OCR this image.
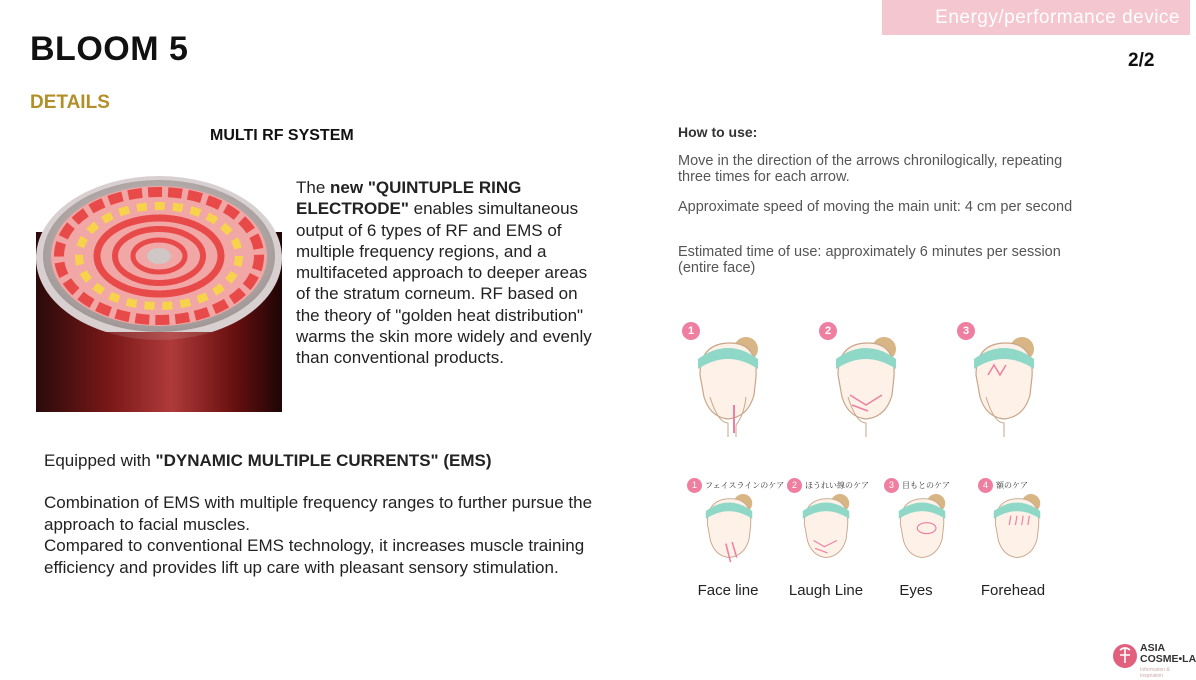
Energy/performance device
BLOOM 5	2/2
DETAILS
MULTI RF SYSTEM
The new "QUINTUPLE RING ELECTRODE" enables simultaneous output of 6 types of RF and EMS of multiple frequency regions, and a multifaceted approach to deeper areas of the stratum corneum. RF based on the theory of "golden heat distribution" warms the skin more widely and evenly than conventional products.
Equipped with "DYNAMIC MULTIPLE CURRENTS" (EMS)
Combination of EMS with multiple frequency ranges to further pursue the approach to facial muscles.
Compared to conventional EMS technology, it increases muscle training efficiency and provides lift up care with pleasant sensory stimulation.
How to use:

Move in the direction of the arrows chronilogically, repeating three times for each arrow.

Approximate speed of moving the main unit: 4 cm per second

Estimated time of use: approximately 6 minutes per session (entire face)

1	2	3
1 フェイスラインのケア 2 ほうれい線のケア	3 目もとのケア	4 額のケア
Face line	Laugh Line	Eyes	Forehead
ASIA
COSME•LA
Information & Inspiration
